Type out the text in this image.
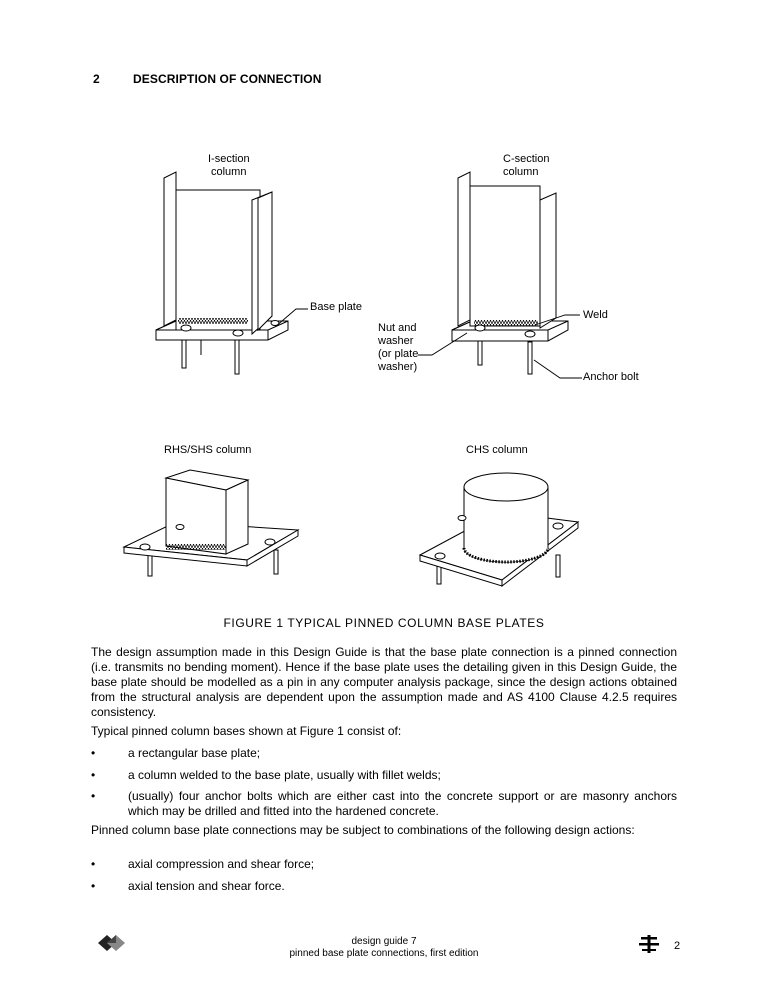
2	DESCRIPTION OF CONNECTION
I-section
column
C-section
column
Base plate
Nut and
washer
(or plate
washer)
Weld
Anchor bolt
RHS/SHS column	CHS column
FIGURE 1 TYPICAL PINNED COLUMN BASE PLATES
The design assumption made in this Design Guide is that the base plate connection is a pinned connection (i.e. transmits no bending moment). Hence if the base plate uses the detailing given in this Design Guide, the base plate should be modelled as a pin in any computer analysis package, since the design actions obtained from the structural analysis are dependent upon the assumption made and AS 4100 Clause 4.2.5 requires consistency.
Typical pinned column bases shown at Figure 1 consist of:
•	a rectangular base plate;
•	a column welded to the base plate, usually with fillet welds;
•	(usually) four anchor bolts which are either cast into the concrete support or are masonry anchors which may be drilled and fitted into the hardened concrete.
Pinned column base plate connections may be subject to combinations of the following design actions:
•	axial compression and shear force;
•	axial tension and shear force.
design guide 7
pinned base plate connections, first edition
2
